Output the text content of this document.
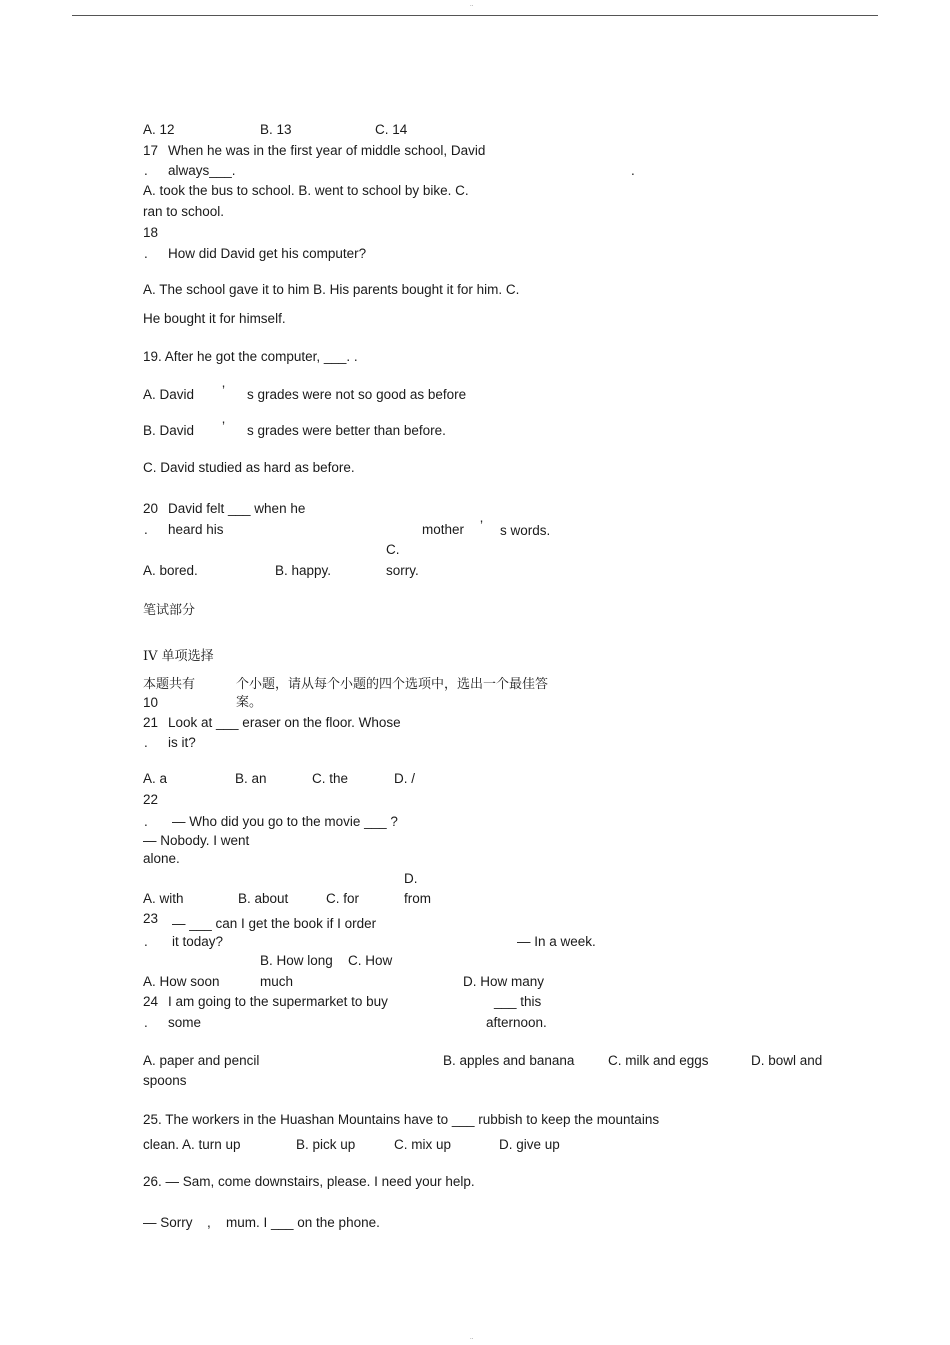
..
A. 12	B. 13	C. 14
17 When he was in the first year of middle school, David
. always___.	.
A. took the bus to school. B. went to school by bike. C.
ran to school.
18
. How did David get his computer?
A. The school gave it to him B. His parents bought it for him. C.
He bought it for himself.
19. After he got the computer, ___. .
A. David ’ s grades were not so good as before
B. David ’ s grades were better than before.
C. David studied as hard as before.
20 David felt ___ when he
. heard his	mother ’ s words.
C.
A. bored.	B. happy.	sorry.
笔试部分
IV 单项选择
本题共有
10
个小题，请从每个小题的四个选项中，选出一个最佳答
案。
21 Look at ___ eraser on the floor. Whose
. is it?
A. a	B. an	C. the	D. /
22
. — Who did you go to the movie ___ ?
— Nobody. I went
alone.
D.
A. with	B. about	C. for	from
23 — ___ can I get the book if I order
. it today?	— In a week.
B. How long C. How
A. How soon	much	D. How many
24 I am going to the supermarket to buy	___ this
. some	afternoon.
A. paper and pencil	B. apples and banana C. milk and eggs	D. bowl and
spoons
25. The workers in the Huashan Mountains have to ___ rubbish to keep the mountains
clean. A. turn up	B. pick up	C. mix up	D. give up
26. — Sam, come downstairs, please. I need your help.
— Sorry , mum. I ___ on the phone.
..
